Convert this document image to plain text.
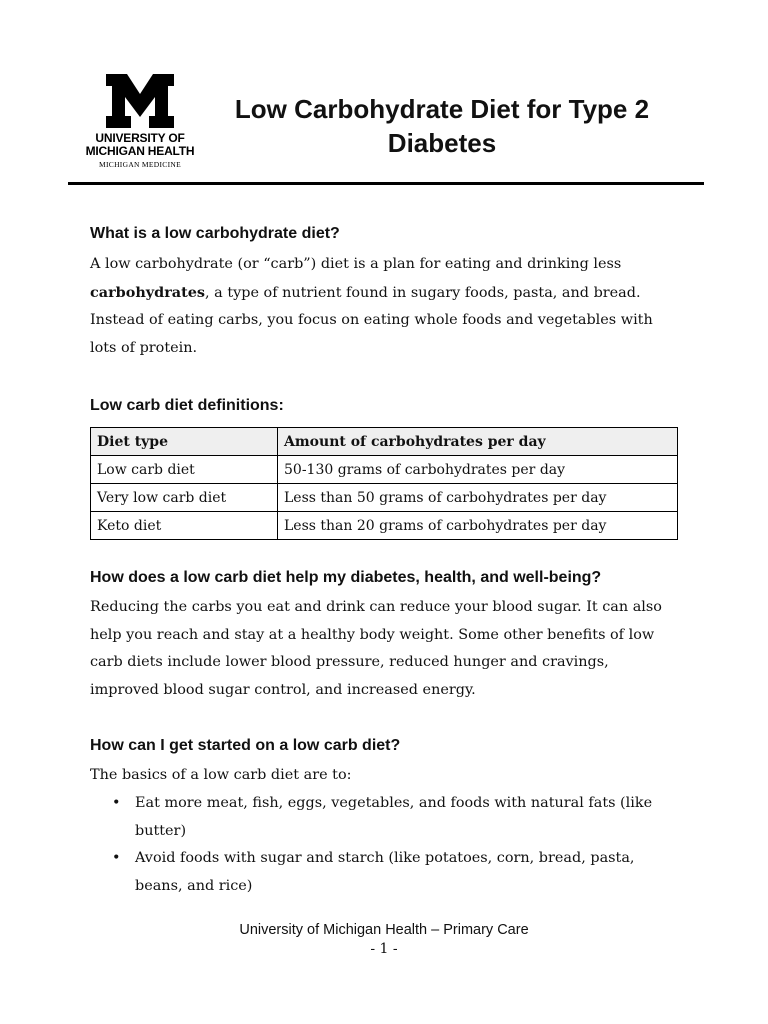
UNIVERSITY OF
MICHIGAN HEALTH
MICHIGAN MEDICINE
Low Carbohydrate Diet for Type 2
Diabetes
What is a low carbohydrate diet?
A low carbohydrate (or “carb”) diet is a plan for eating and drinking less
carbohydrates, a type of nutrient found in sugary foods, pasta, and bread.
Instead of eating carbs, you focus on eating whole foods and vegetables with
lots of protein.
Low carb diet definitions:
Diet type	Amount of carbohydrates per day
Low carb diet	50-130 grams of carbohydrates per day
Very low carb diet	Less than 50 grams of carbohydrates per day
Keto diet	Less than 20 grams of carbohydrates per day
How does a low carb diet help my diabetes, health, and well-being?
Reducing the carbs you eat and drink can reduce your blood sugar. It can also
help you reach and stay at a healthy body weight. Some other benefits of low
carb diets include lower blood pressure, reduced hunger and cravings,
improved blood sugar control, and increased energy.
How can I get started on a low carb diet?
The basics of a low carb diet are to:
• Eat more meat, fish, eggs, vegetables, and foods with natural fats (like
butter)
• Avoid foods with sugar and starch (like potatoes, corn, bread, pasta,
beans, and rice)
University of Michigan Health – Primary Care
- 1 -
